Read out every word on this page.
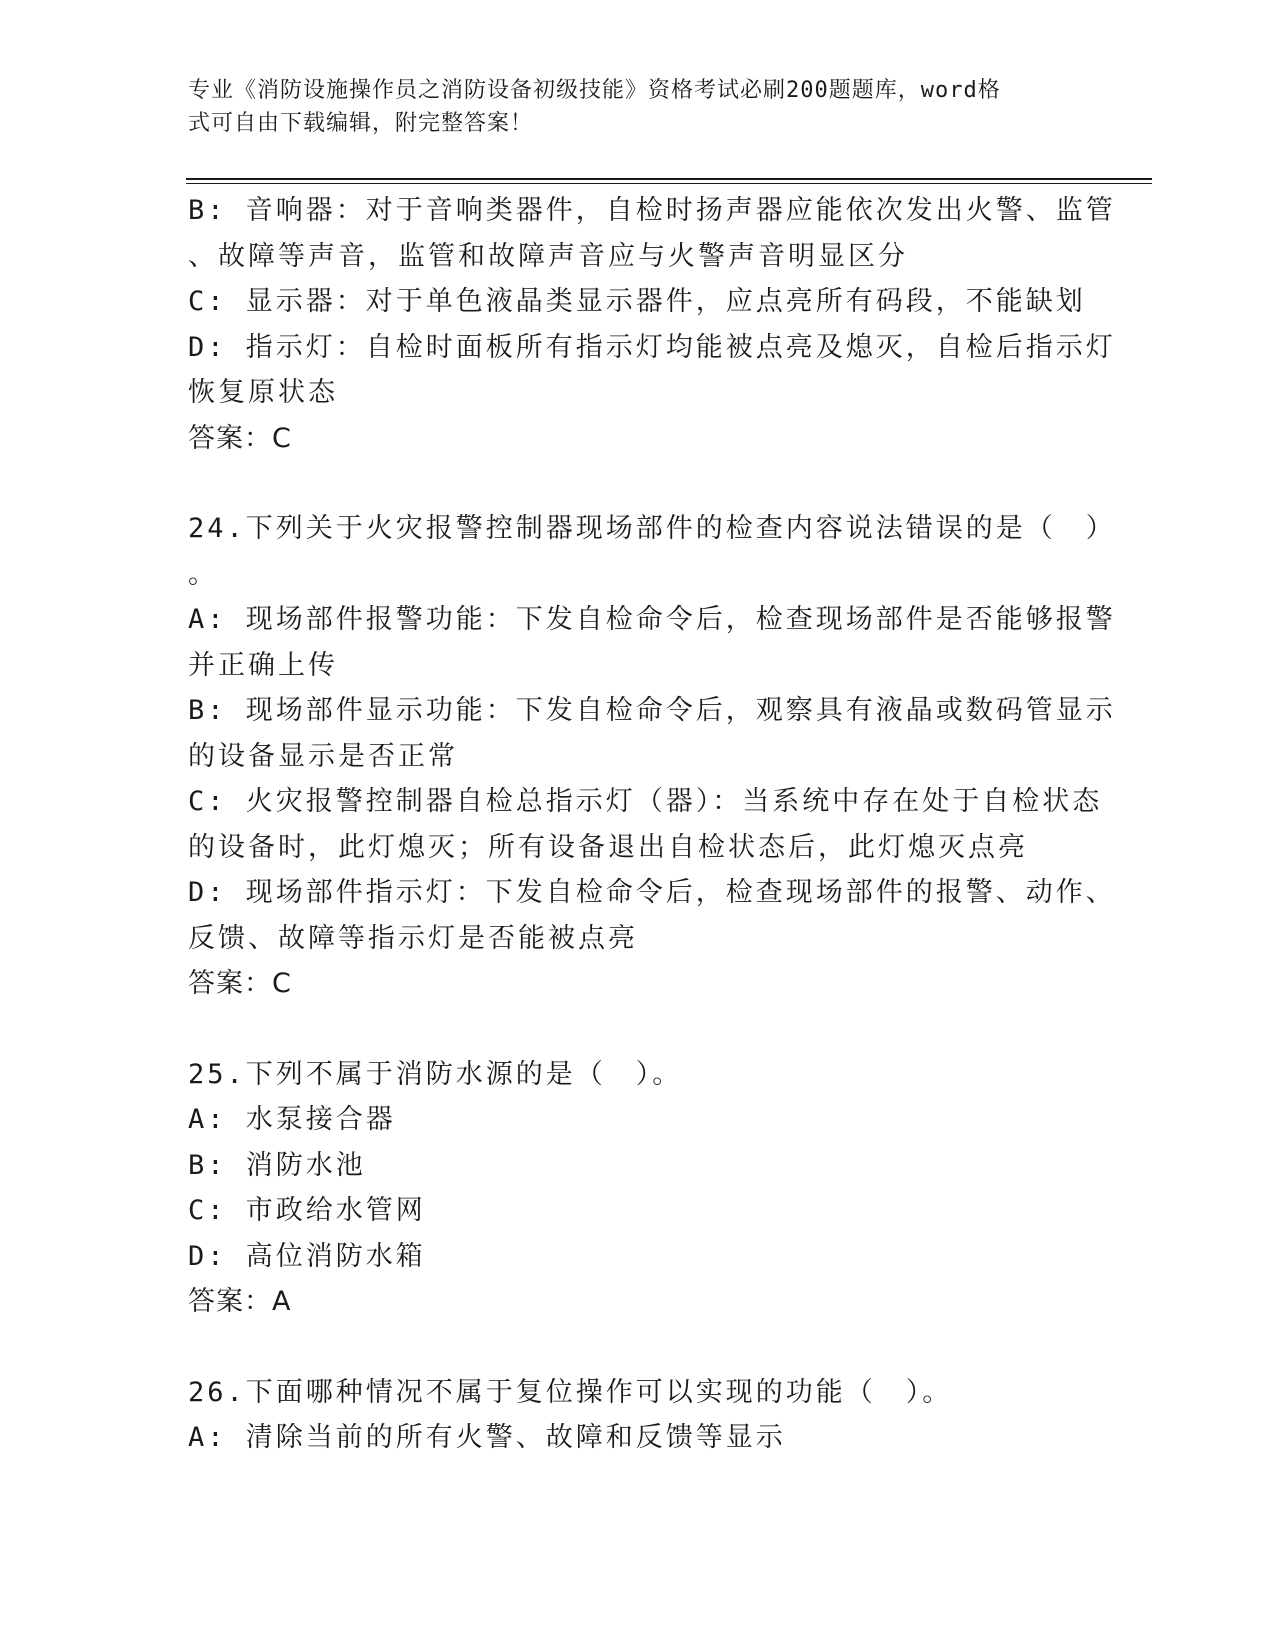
专业《消防设施操作员之消防设备初级技能》资格考试必刷200题题库，word格
式可自由下载编辑，附完整答案！
B: 音响器：对于音响类器件，自检时扬声器应能依次发出火警、监管
、故障等声音，监管和故障声音应与火警声音明显区分
C: 显示器：对于单色液晶类显示器件，应点亮所有码段，不能缺划
D: 指示灯：自检时面板所有指示灯均能被点亮及熄灭，自检后指示灯
恢复原状态
答案：C
24.下列关于火灾报警控制器现场部件的检查内容说法错误的是（　）
。
A: 现场部件报警功能：下发自检命令后，检查现场部件是否能够报警
并正确上传
B: 现场部件显示功能：下发自检命令后，观察具有液晶或数码管显示
的设备显示是否正常
C: 火灾报警控制器自检总指示灯（器）：当系统中存在处于自检状态
的设备时，此灯熄灭；所有设备退出自检状态后，此灯熄灭点亮
D: 现场部件指示灯：下发自检命令后，检查现场部件的报警、动作、
反馈、故障等指示灯是否能被点亮
答案：C
25.下列不属于消防水源的是（　）。
A: 水泵接合器
B: 消防水池
C: 市政给水管网
D: 高位消防水箱
答案：A
26.下面哪种情况不属于复位操作可以实现的功能（　）。
A: 清除当前的所有火警、故障和反馈等显示
